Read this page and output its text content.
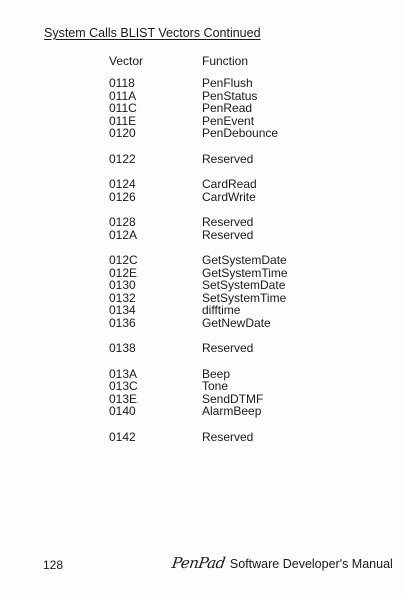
System Calls BLIST Vectors Continued
Vector	Function
0118	PenFlush
011A	PenStatus
011C	PenRead
011E	PenEvent
0120	PenDebounce
0122	Reserved
0124	CardRead
0126	CardWrite
0128	Reserved
012A	Reserved
012C	GetSystemDate
012E	GetSystemTime
0130	SetSystemDate
0132	SetSystemTime
0134	difftime
0136	GetNewDate
0138	Reserved
013A	Beep
013C	Tone
013E	SendDTMF
0140	AlarmBeep
0142	Reserved
128	PenPad Software Developer's Manual
